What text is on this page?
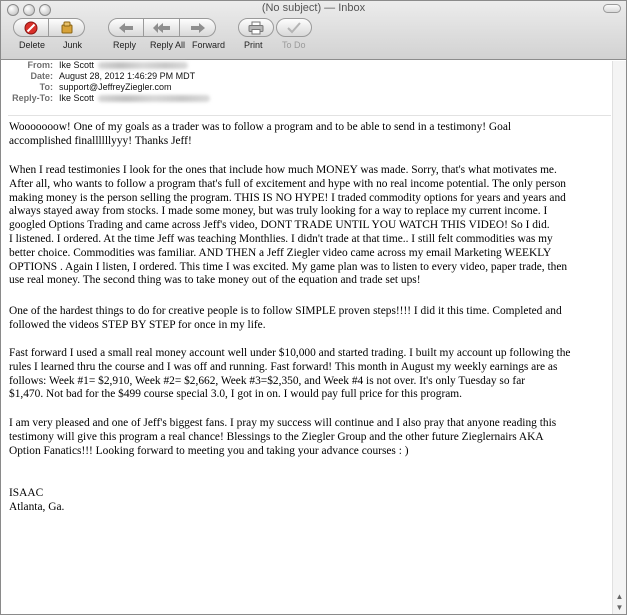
(No subject) — Inbox
Delete Junk	Reply Reply All Forward Print To Do
From: Ike Scott
Date: August 28, 2012 1:46:29 PM MDT
To: support@JeffreyZiegler.com
Reply-To: Ike Scott
Wooooooow! One of my goals as a trader was to follow a program and to be able to send in a testimony! Goal
accomplished finallllllyyy! Thanks Jeff!
When I read testimonies I look for the ones that include how much MONEY was made. Sorry, that's what motivates me.
After all, who wants to follow a program that's full of excitement and hype with no real income potential. The only person
making money is the person selling the program. THIS IS NO HYPE! I traded commodity options for years and years and
always stayed away from stocks. I made some money, but was truly looking for a way to replace my current income. I
googled Options Trading and came across Jeff's video, DONT TRADE UNTIL YOU WATCH THIS VIDEO! So I did.
I listened. I ordered. At the time Jeff was teaching Monthlies. I didn't trade at that time.. I still felt commodities was my
better choice. Commodities was familiar. AND THEN a Jeff Ziegler video came across my email Marketing WEEKLY
OPTIONS . Again I listen, I ordered. This time I was excited. My game plan was to listen to every video, paper trade, then
use real money. The second thing was to take money out of the equation and trade set ups!
One of the hardest things to do for creative people is to follow SIMPLE proven steps!!!! I did it this time. Completed and
followed the videos STEP BY STEP for once in my life.
Fast forward I used a small real money account well under $10,000 and started trading. I built my account up following the
rules I learned thru the course and I was off and running. Fast forward! This month in August my weekly earnings are as
follows: Week #1= $2,910, Week #2= $2,662, Week #3=$2,350, and Week #4 is not over. It's only Tuesday so far
$1,470. Not bad for the $499 course special 3.0, I got in on. I would pay full price for this program.
I am very pleased and one of Jeff's biggest fans. I pray my success will continue and I also pray that anyone reading this
testimony will give this program a real chance! Blessings to the Ziegler Group and the other future Zieglernairs AKA
Option Fanatics!!! Looking forward to meeting you and taking your advance courses : )
ISAAC
Atlanta, Ga.
▲
▼
